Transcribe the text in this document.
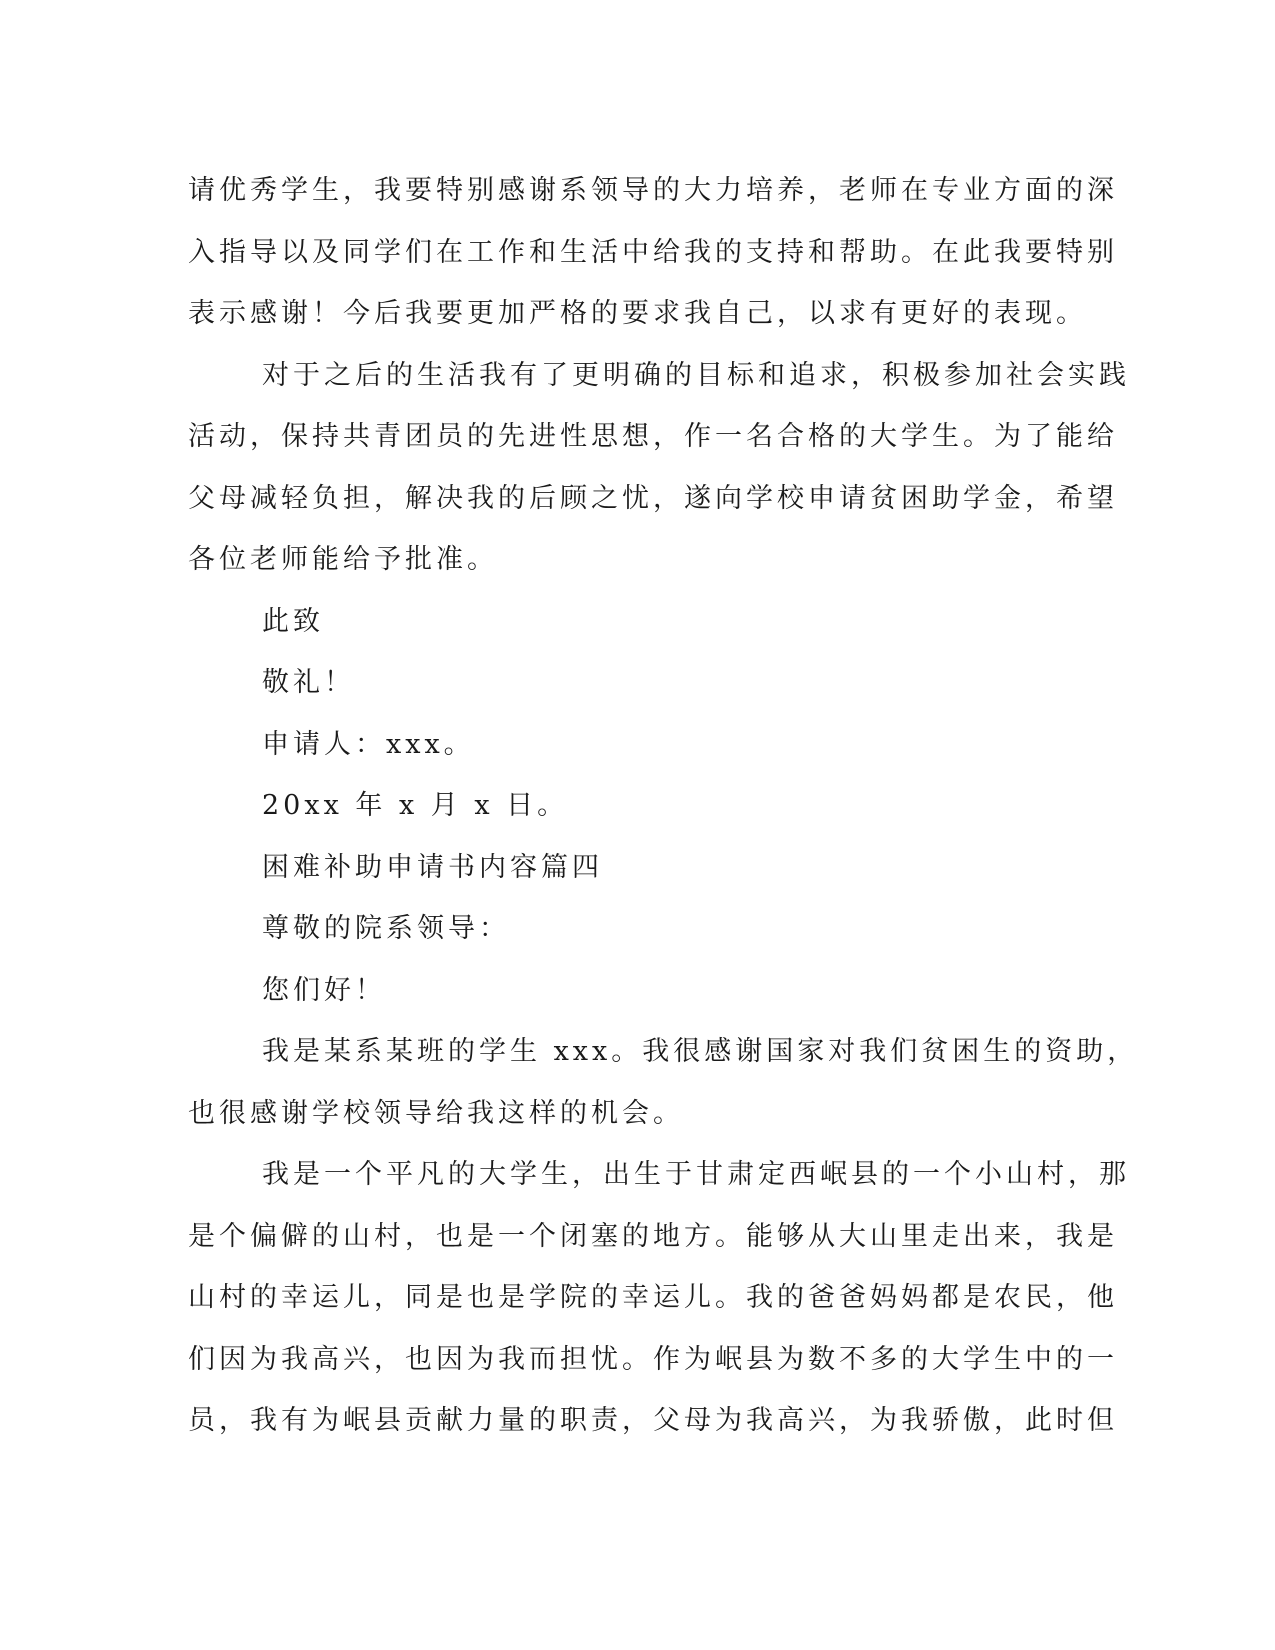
请优秀学生，我要特别感谢系领导的大力培养，老师在专业方面的深
入指导以及同学们在工作和生活中给我的支持和帮助。在此我要特别
表示感谢！今后我要更加严格的要求我自己，以求有更好的表现。
对于之后的生活我有了更明确的目标和追求，积极参加社会实践
活动，保持共青团员的先进性思想，作一名合格的大学生。为了能给
父母减轻负担，解决我的后顾之忧，遂向学校申请贫困助学金，希望
各位老师能给予批准。
此致
敬礼！
申请人：xxx。
20xx 年 x 月 x 日。
困难补助申请书内容篇四
尊敬的院系领导：
您们好！
我是某系某班的学生 xxx。我很感谢国家对我们贫困生的资助，
也很感谢学校领导给我这样的机会。
我是一个平凡的大学生，出生于甘肃定西岷县的一个小山村，那
是个偏僻的山村，也是一个闭塞的地方。能够从大山里走出来，我是
山村的幸运儿，同是也是学院的幸运儿。我的爸爸妈妈都是农民，他
们因为我高兴，也因为我而担忧。作为岷县为数不多的大学生中的一
员，我有为岷县贡献力量的职责，父母为我高兴，为我骄傲，此时但
